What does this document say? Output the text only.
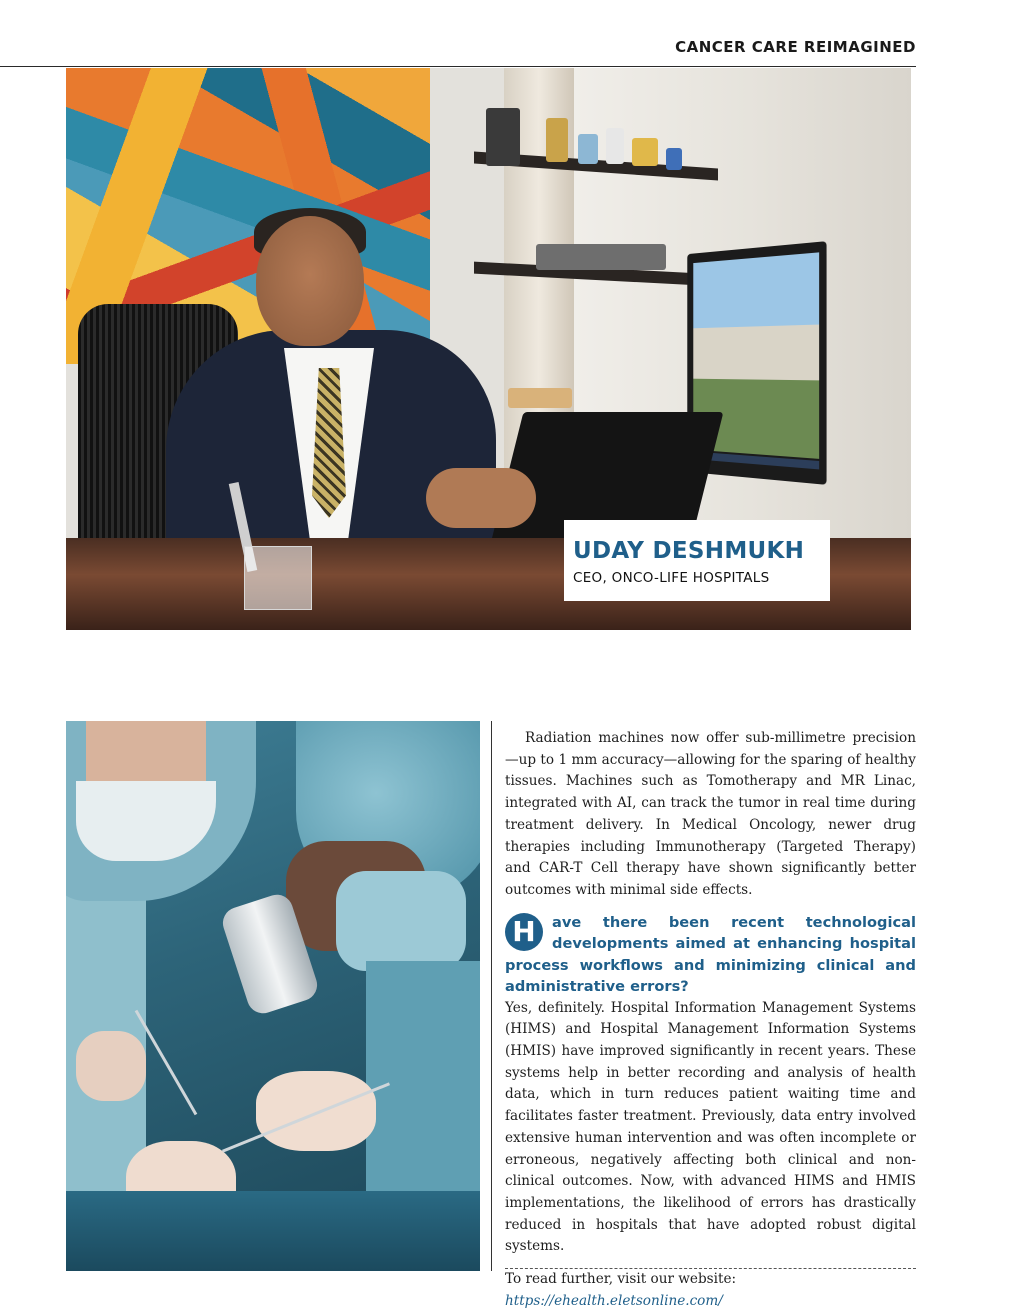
CANCER CARE REIMAGINED
UDAY DESHMUKH
CEO, ONCO-LIFE HOSPITALS

Radiation machines now offer sub-millimetre precision—up to 1 mm accuracy—allowing for the sparing of healthy tissues. Machines such as Tomotherapy and MR Linac, integrated with AI, can track the tumor in real time during treatment delivery. In Medical Oncology, newer drug therapies including Immunotherapy (Targeted Therapy) and CAR-T Cell therapy have shown significantly better outcomes with minimal side effects.

H	ave there been recent technological developments aimed at enhancing hospital process workflows and minimizing clinical and administrative errors?

Yes, definitely. Hospital Information Management Systems (HIMS) and Hospital Management Information Systems (HMIS) have improved significantly in recent years. These systems help in better recording and analysis of health data, which in turn reduces patient waiting time and facilitates faster treatment. Previously, data entry involved extensive human intervention and was often incomplete or erroneous, negatively affecting both clinical and non-clinical outcomes. Now, with advanced HIMS and HMIS implementations, the likelihood of errors has drastically reduced in hospitals that have adopted robust digital systems.

To read further, visit our website: https://ehealth.eletsonline.com/
